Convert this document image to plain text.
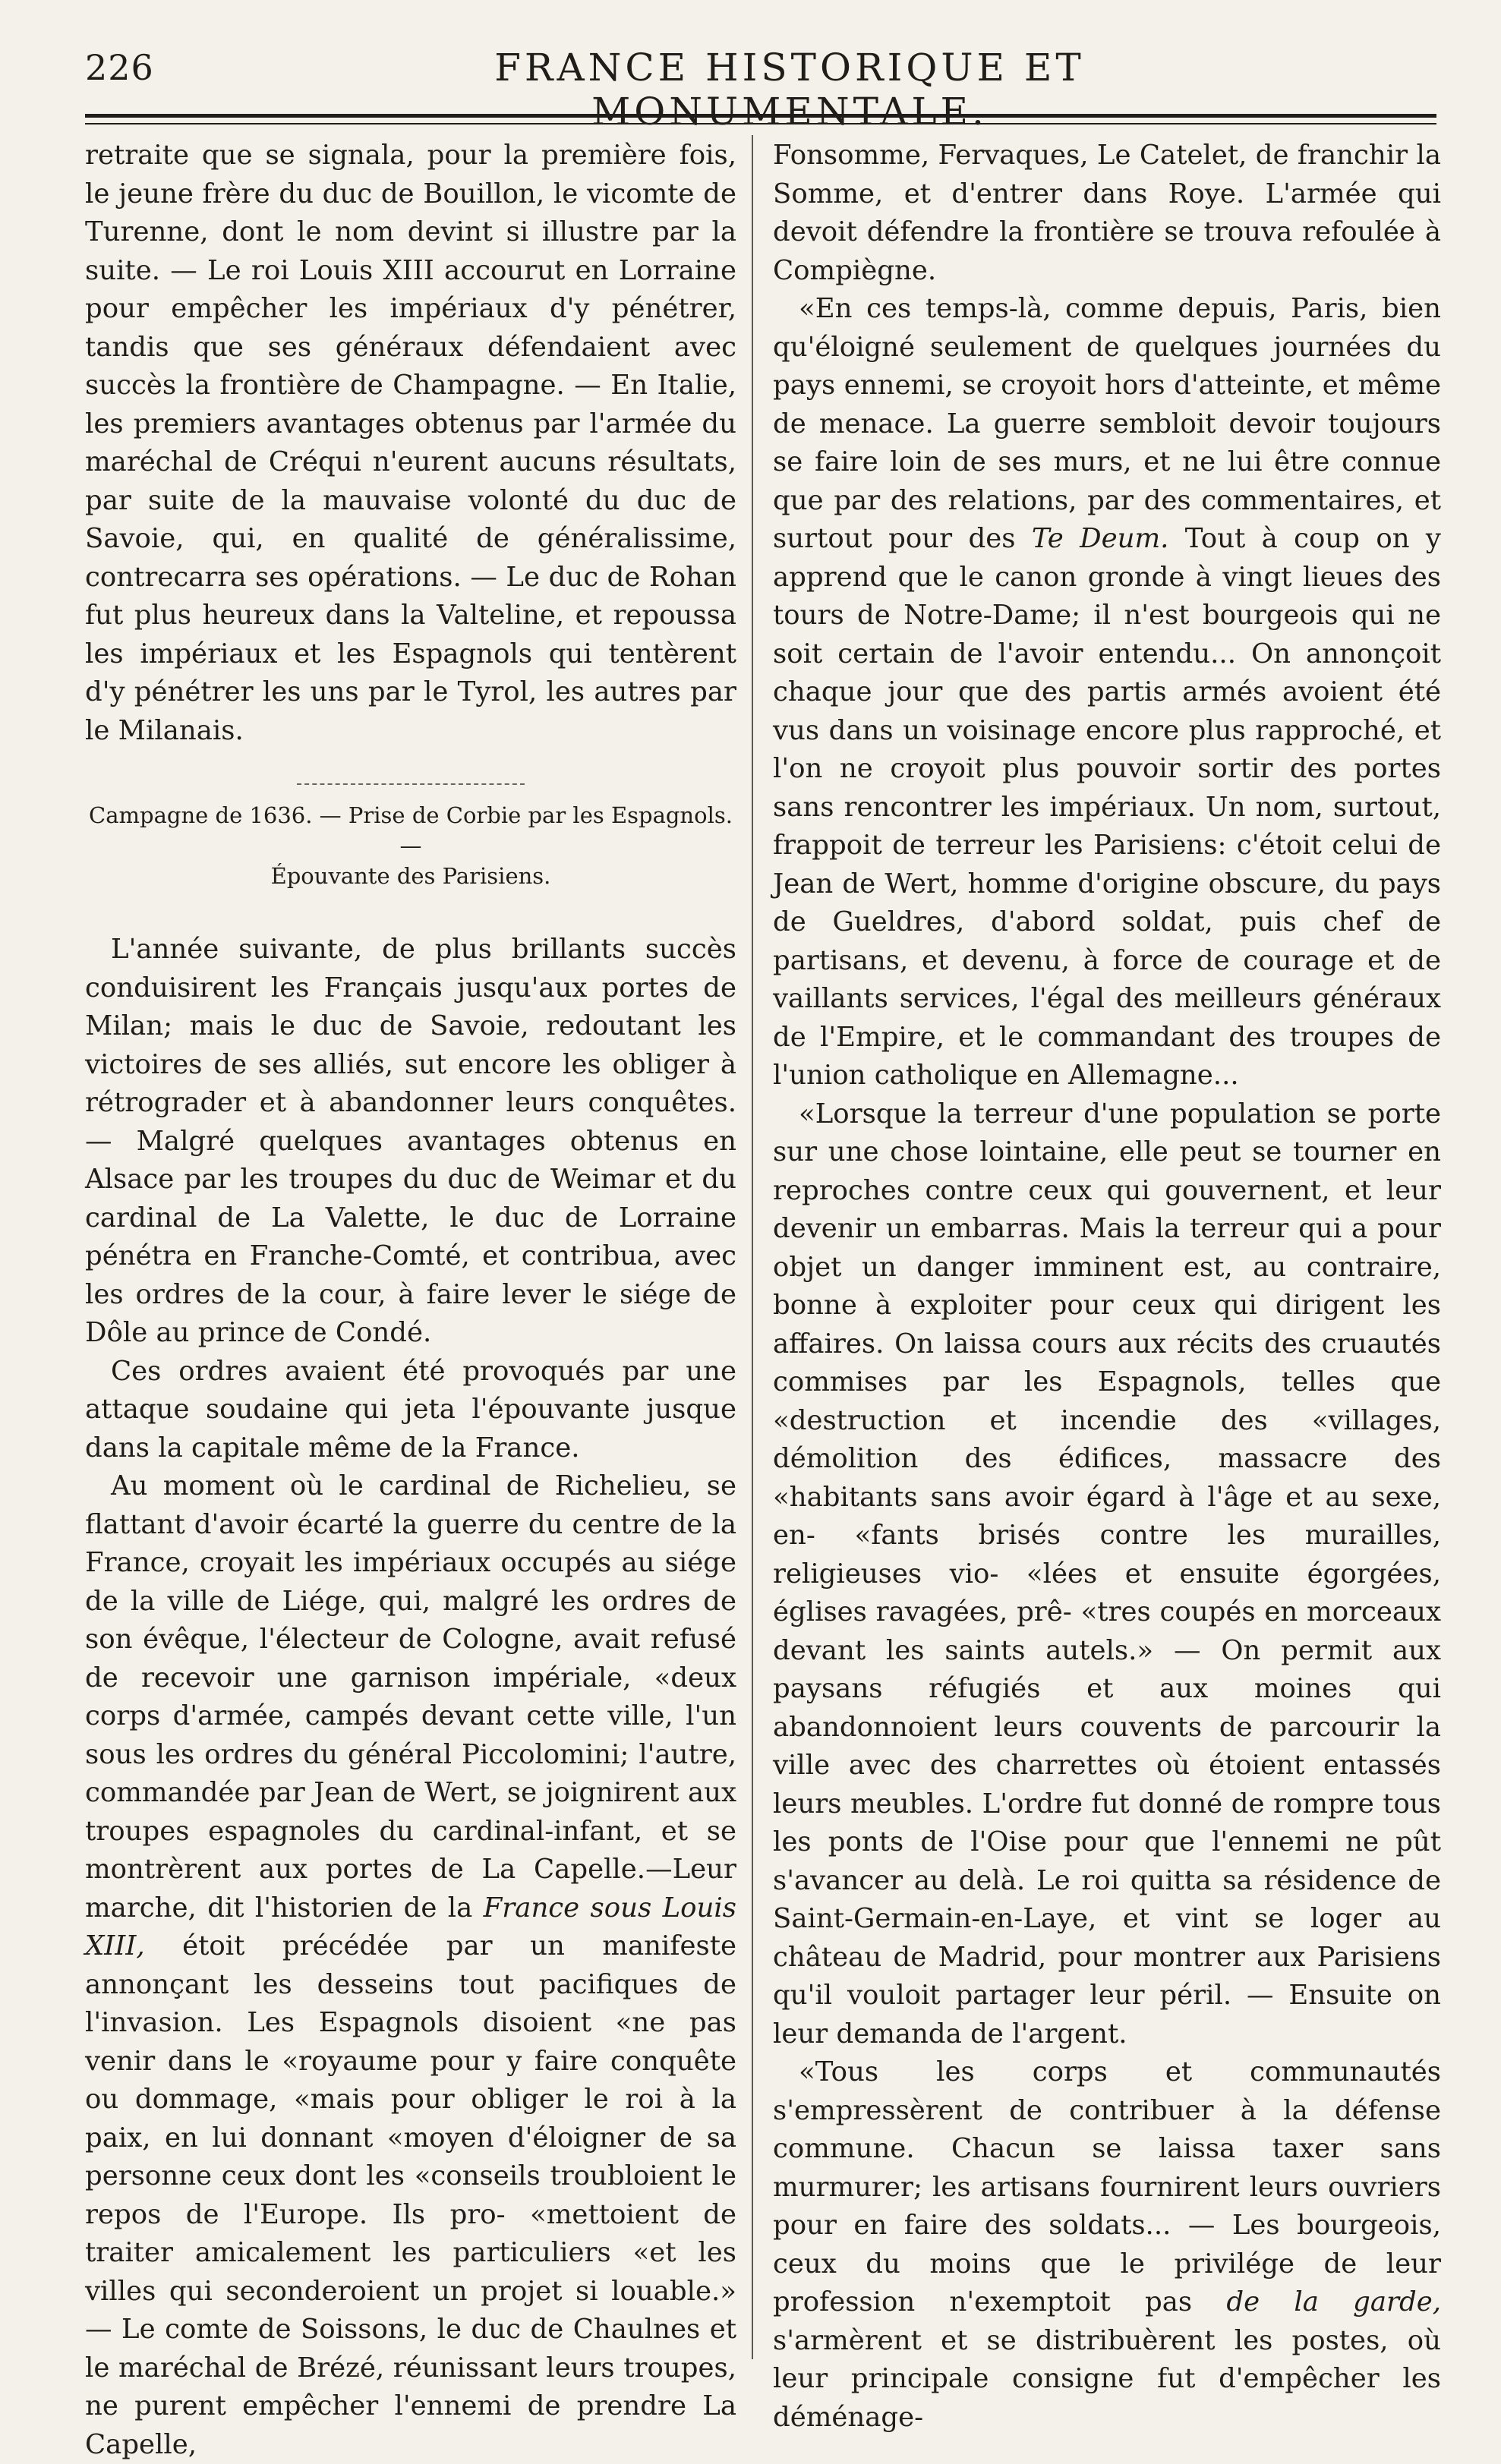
226	FRANCE HISTORIQUE ET MONUMENTALE.

retraite que se signala, pour la première fois, le jeune frère du duc de Bouillon, le vicomte de Turenne, dont le nom devint si illustre par la suite. — Le roi Louis XIII accourut en Lorraine pour empêcher les impériaux d'y pénétrer, tandis que ses généraux défendaient avec succès la frontière de Champagne. — En Italie, les premiers avantages obtenus par l'armée du maréchal de Créqui n'eurent aucuns résultats, par suite de la mauvaise volonté du duc de Savoie, qui, en qualité de généralissime, contrecarra ses opérations. — Le duc de Rohan fut plus heureux dans la Valteline, et repoussa les impériaux et les Espagnols qui tentèrent d'y pénétrer les uns par le Tyrol, les autres par le Milanais.

Campagne de 1636. — Prise de Corbie par les Espagnols. —
Épouvante des Parisiens.

L'année suivante, de plus brillants succès conduisirent les Français jusqu'aux portes de Milan; mais le duc de Savoie, redoutant les victoires de ses alliés, sut encore les obliger à rétrograder et à abandonner leurs conquêtes. — Malgré quelques avantages obtenus en Alsace par les troupes du duc de Weimar et du cardinal de La Valette, le duc de Lorraine pénétra en Franche-Comté, et contribua, avec les ordres de la cour, à faire lever le siége de Dôle au prince de Condé.

Ces ordres avaient été provoqués par une attaque soudaine qui jeta l'épouvante jusque dans la capitale même de la France.

Au moment où le cardinal de Richelieu, se flattant d'avoir écarté la guerre du centre de la France, croyait les impériaux occupés au siége de la ville de Liége, qui, malgré les ordres de son évêque, l'électeur de Cologne, avait refusé de recevoir une garnison impériale, «deux corps d'armée, campés devant cette ville, l'un sous les ordres du général Piccolomini; l'autre, commandée par Jean de Wert, se joignirent aux troupes espagnoles du cardinal-infant, et se montrèrent aux portes de La Capelle.—Leur marche, dit l'historien de la France sous Louis XIII, étoit précédée par un manifeste annonçant les desseins tout pacifiques de l'invasion. Les Espagnols disoient «ne pas venir dans le «royaume pour y faire conquête ou dommage, «mais pour obliger le roi à la paix, en lui donnant «moyen d'éloigner de sa personne ceux dont les «conseils troubloient le repos de l'Europe. Ils pro- «mettoient de traiter amicalement les particuliers «et les villes qui seconderoient un projet si louable.» — Le comte de Soissons, le duc de Chaulnes et le maréchal de Brézé, réunissant leurs troupes, ne purent empêcher l'ennemi de prendre La Capelle,

Fonsomme, Fervaques, Le Catelet, de franchir la Somme, et d'entrer dans Roye. L'armée qui devoit défendre la frontière se trouva refoulée à Compiègne.

«En ces temps-là, comme depuis, Paris, bien qu'éloigné seulement de quelques journées du pays ennemi, se croyoit hors d'atteinte, et même de menace. La guerre sembloit devoir toujours se faire loin de ses murs, et ne lui être connue que par des relations, par des commentaires, et surtout pour des Te Deum. Tout à coup on y apprend que le canon gronde à vingt lieues des tours de Notre-Dame; il n'est bourgeois qui ne soit certain de l'avoir entendu... On annonçoit chaque jour que des partis armés avoient été vus dans un voisinage encore plus rapproché, et l'on ne croyoit plus pouvoir sortir des portes sans rencontrer les impériaux. Un nom, surtout, frappoit de terreur les Parisiens: c'étoit celui de Jean de Wert, homme d'origine obscure, du pays de Gueldres, d'abord soldat, puis chef de partisans, et devenu, à force de courage et de vaillants services, l'égal des meilleurs généraux de l'Empire, et le commandant des troupes de l'union catholique en Allemagne...

«Lorsque la terreur d'une population se porte sur une chose lointaine, elle peut se tourner en reproches contre ceux qui gouvernent, et leur devenir un embarras. Mais la terreur qui a pour objet un danger imminent est, au contraire, bonne à exploiter pour ceux qui dirigent les affaires. On laissa cours aux récits des cruautés commises par les Espagnols, telles que «destruction et incendie des «villages, démolition des édifices, massacre des «habitants sans avoir égard à l'âge et au sexe, en- «fants brisés contre les murailles, religieuses vio- «lées et ensuite égorgées, églises ravagées, prê- «tres coupés en morceaux devant les saints autels.» — On permit aux paysans réfugiés et aux moines qui abandonnoient leurs couvents de parcourir la ville avec des charrettes où étoient entassés leurs meubles. L'ordre fut donné de rompre tous les ponts de l'Oise pour que l'ennemi ne pût s'avancer au delà. Le roi quitta sa résidence de Saint-Germain-en-Laye, et vint se loger au château de Madrid, pour montrer aux Parisiens qu'il vouloit partager leur péril. — Ensuite on leur demanda de l'argent.

«Tous les corps et communautés s'empressèrent de contribuer à la défense commune. Chacun se laissa taxer sans murmurer; les artisans fournirent leurs ouvriers pour en faire des soldats... — Les bourgeois, ceux du moins que le privilége de leur profession n'exemptoit pas de la garde, s'armèrent et se distribuèrent les postes, où leur principale consigne fut d'empêcher les déménage-
